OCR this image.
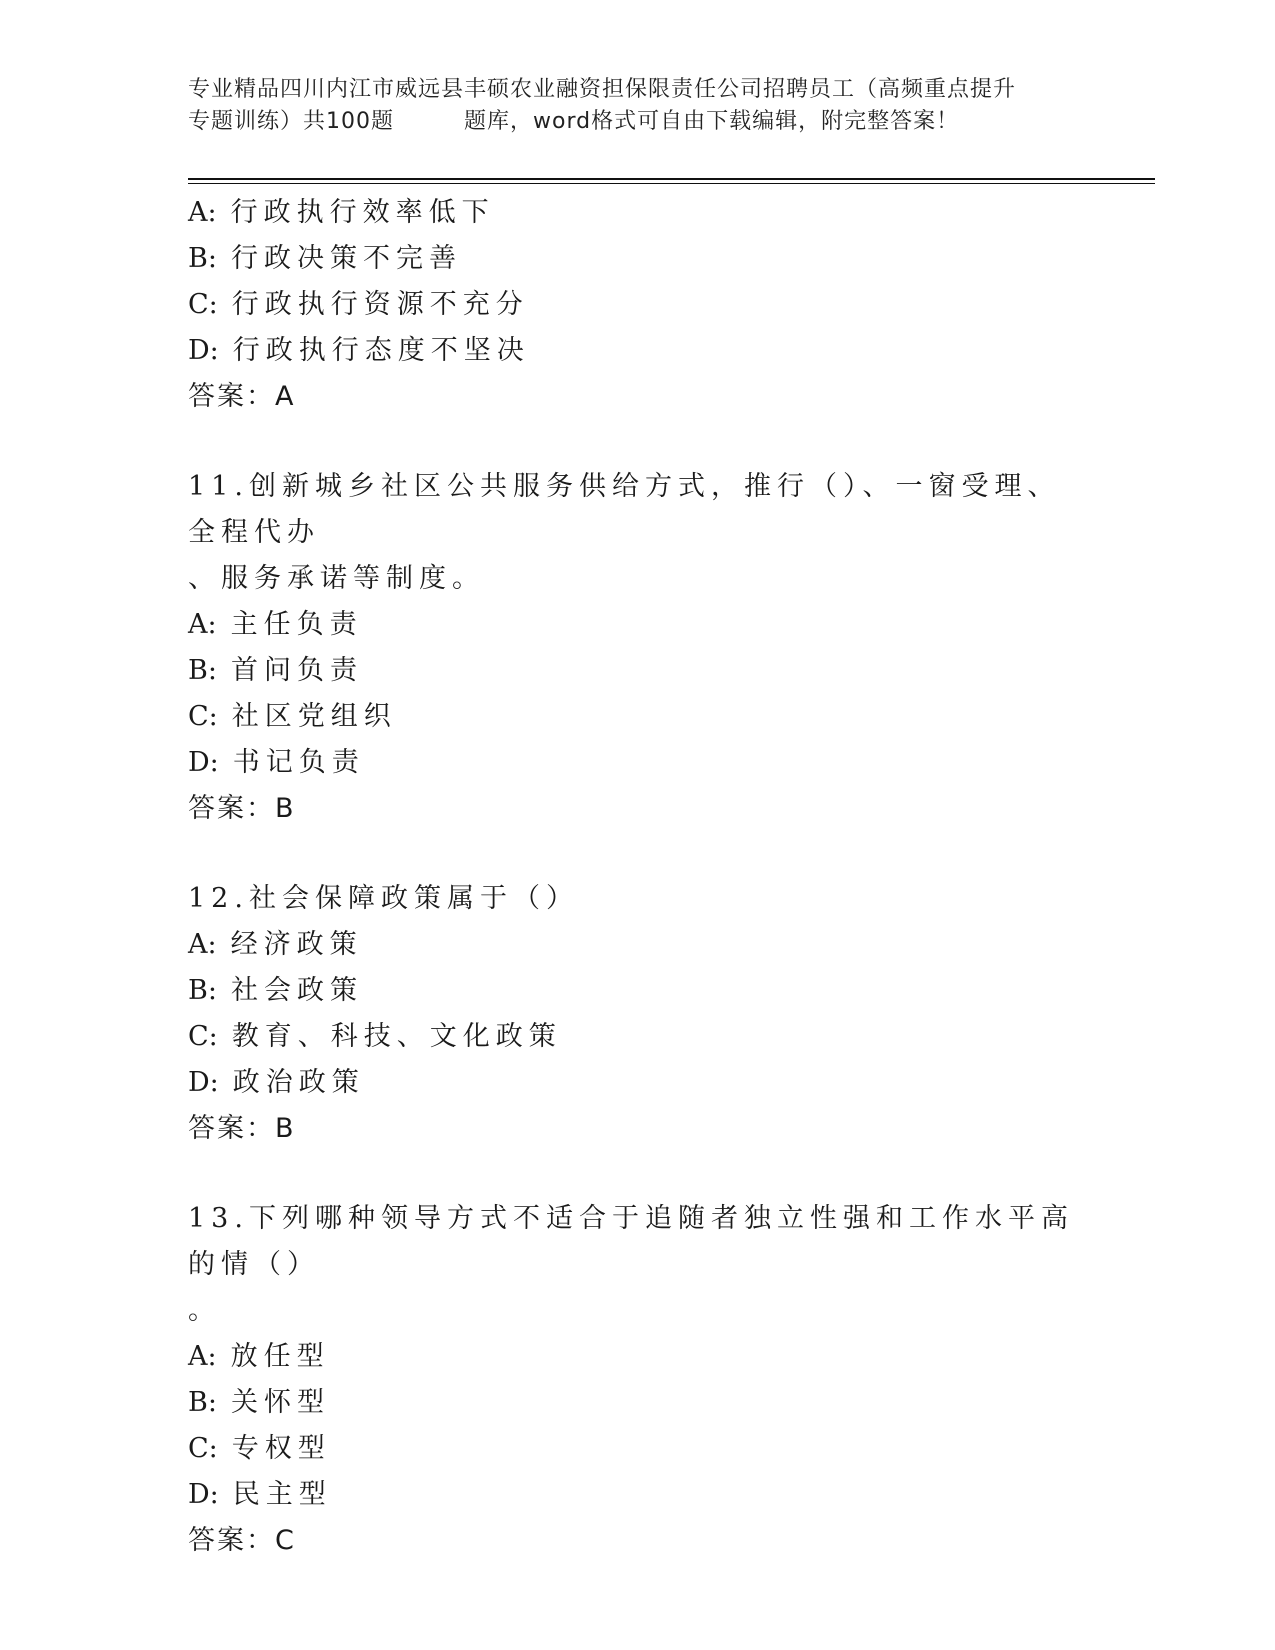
专业精品四川内江市威远县丰硕农业融资担保限责任公司招聘员工（高频重点提升
专题训练）共100题	题库，word格式可自由下载编辑，附完整答案！
A: 行政执行效率低下
B: 行政决策不完善
C: 行政执行资源不充分
D: 行政执行态度不坚决
答案：A
11.创新城乡社区公共服务供给方式，推行（）、一窗受理、全程代办
、服务承诺等制度。
A: 主任负责
B: 首问负责
C: 社区党组织
D: 书记负责
答案：B
12.社会保障政策属于（）
A: 经济政策
B: 社会政策
C: 教育、科技、文化政策
D: 政治政策
答案：B
13.下列哪种领导方式不适合于追随者独立性强和工作水平高的情（）
。
A: 放任型
B: 关怀型
C: 专权型
D: 民主型
答案：C
